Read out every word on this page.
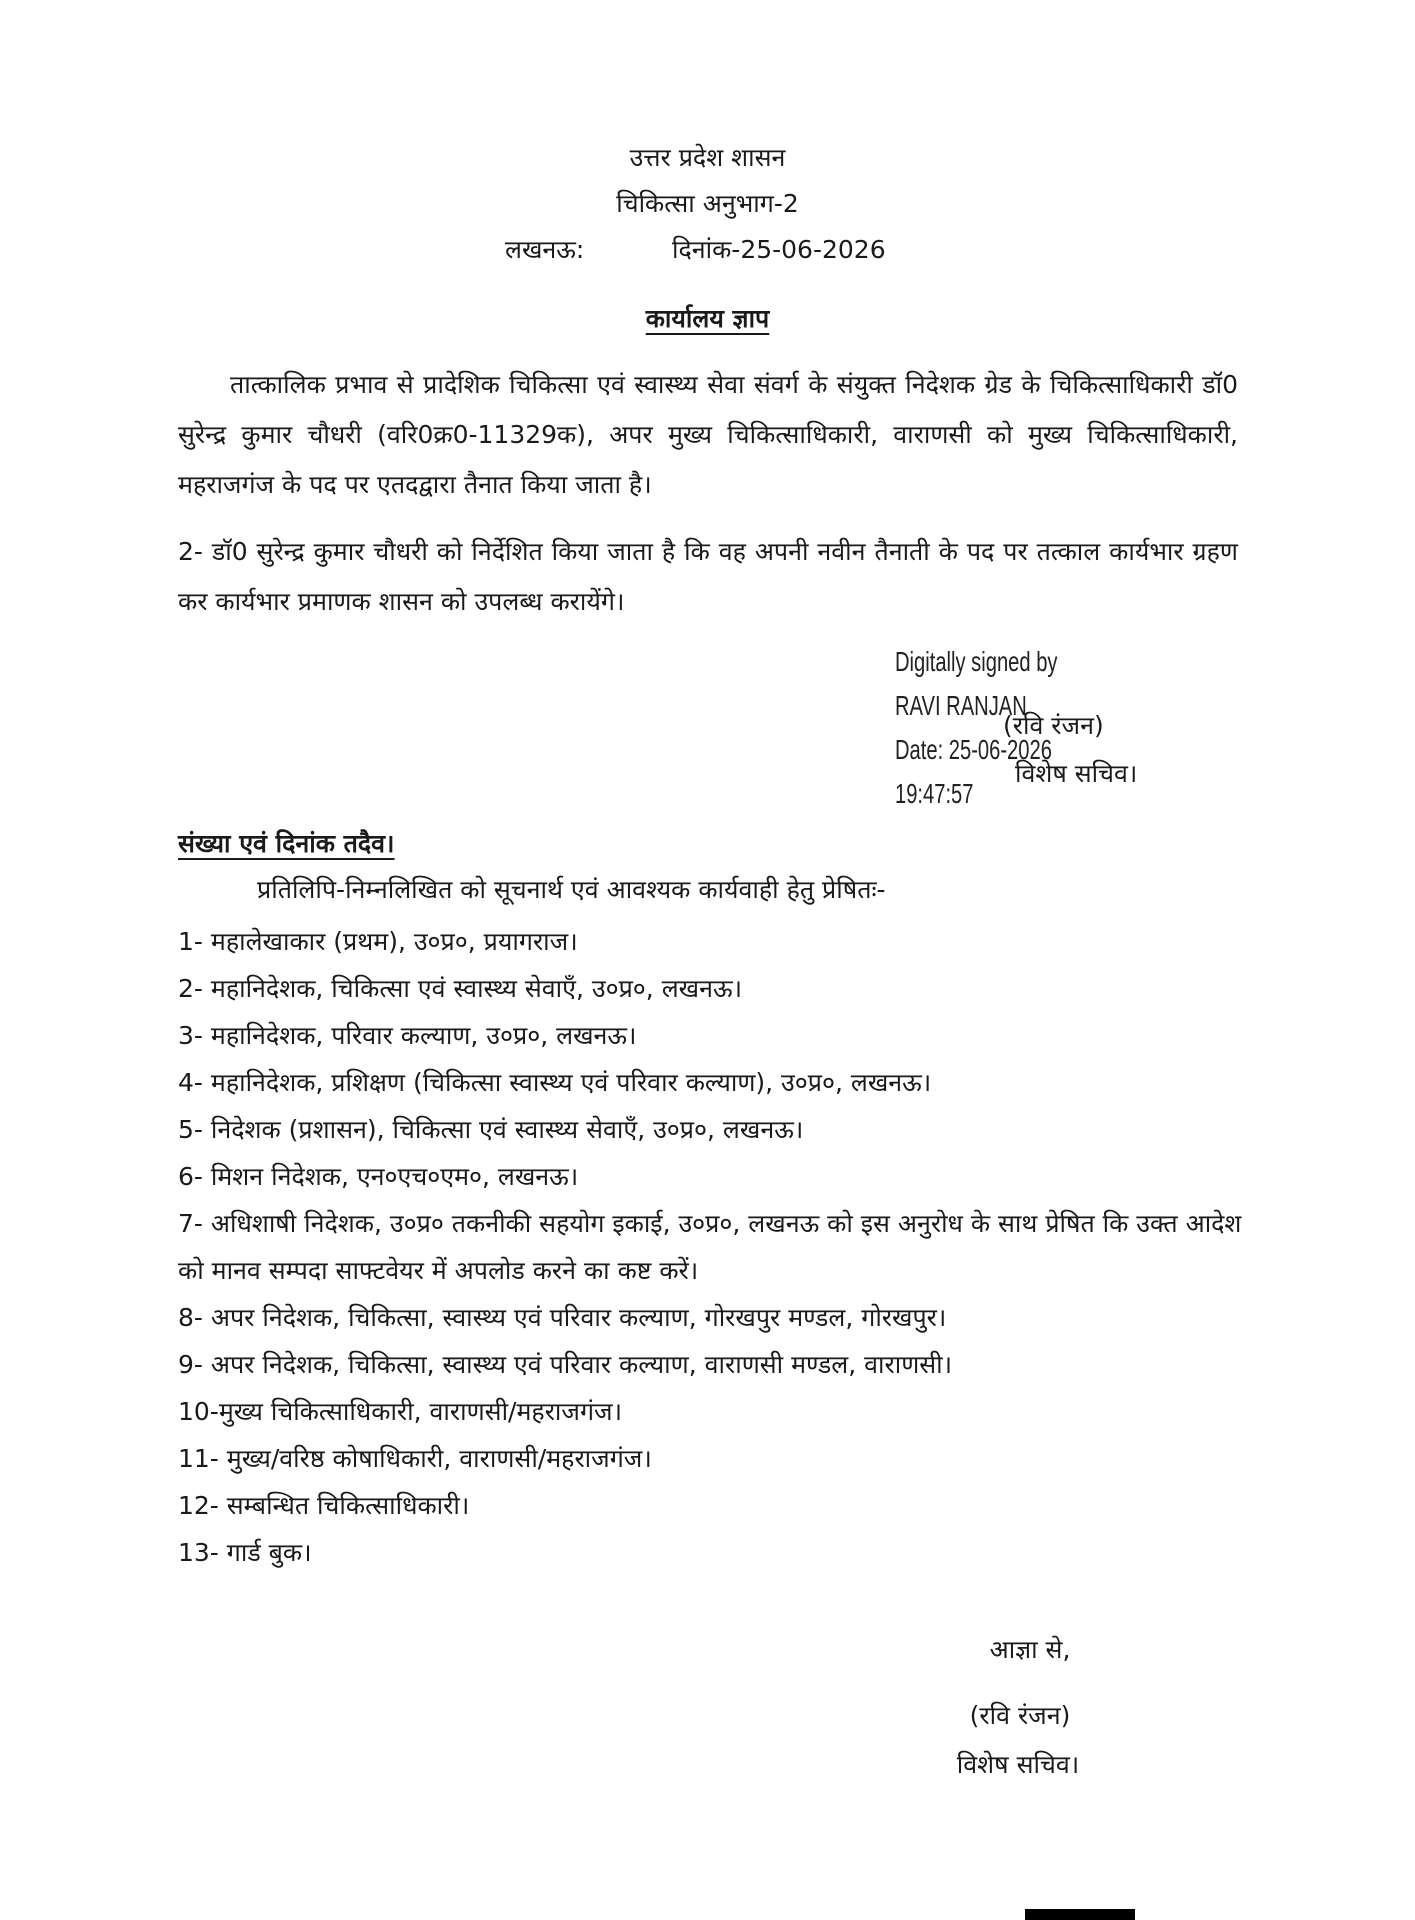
उत्तर प्रदेश शासन
चिकित्सा अनुभाग-2
लखनऊ:	दिनांक-25-06-2026
कार्यालय ज्ञाप

तात्कालिक प्रभाव से प्रादेशिक चिकित्सा एवं स्वास्थ्य सेवा संवर्ग के संयुक्त निदेशक ग्रेड के चिकित्साधिकारी डॉ0 सुरेन्द्र कुमार चौधरी (वरि0क्र0-11329क), अपर मुख्य चिकित्साधिकारी, वाराणसी को मुख्य चिकित्साधिकारी, महराजगंज के पद पर एतदद्वारा तैनात किया जाता है।

2- डॉ0 सुरेन्द्र कुमार चौधरी को निर्देशित किया जाता है कि वह अपनी नवीन तैनाती के पद पर तत्काल कार्यभार ग्रहण कर कार्यभार प्रमाणक शासन को उपलब्ध करायेंगे।

Digitally signed by
RAVI RANJAN
Date: 25-06-2026
19:47:57
(रवि रंजन)
विशेष सचिव।
संख्या एवं दिनांक तदैव।
प्रतिलिपि-निम्नलिखित को सूचनार्थ एवं आवश्यक कार्यवाही हेतु प्रेषितः-
1- महालेखाकार (प्रथम), उ०प्र०, प्रयागराज।
2- महानिदेशक, चिकित्सा एवं स्वास्थ्य सेवाएँ, उ०प्र०, लखनऊ।
3- महानिदेशक, परिवार कल्याण, उ०प्र०, लखनऊ।
4- महानिदेशक, प्रशिक्षण (चिकित्सा स्वास्थ्य एवं परिवार कल्याण), उ०प्र०, लखनऊ।
5- निदेशक (प्रशासन), चिकित्सा एवं स्वास्थ्य सेवाएँ, उ०प्र०, लखनऊ।
6- मिशन निदेशक, एन०एच०एम०, लखनऊ।
7- अधिशाषी निदेशक, उ०प्र० तकनीकी सहयोग इकाई, उ०प्र०, लखनऊ को इस अनुरोध के साथ प्रेषित कि उक्त आदेश को मानव सम्पदा साफ्टवेयर में अपलोड करने का कष्ट करें।
8- अपर निदेशक, चिकित्सा, स्वास्थ्य एवं परिवार कल्याण, गोरखपुर मण्डल, गोरखपुर।
9- अपर निदेशक, चिकित्सा, स्वास्थ्य एवं परिवार कल्याण, वाराणसी मण्डल, वाराणसी।
10-मुख्य चिकित्साधिकारी, वाराणसी/महराजगंज।
11- मुख्य/वरिष्ठ कोषाधिकारी, वाराणसी/महराजगंज।
12- सम्बन्धित चिकित्साधिकारी।
13- गार्ड बुक।
आज्ञा से,
(रवि रंजन)
विशेष सचिव।
